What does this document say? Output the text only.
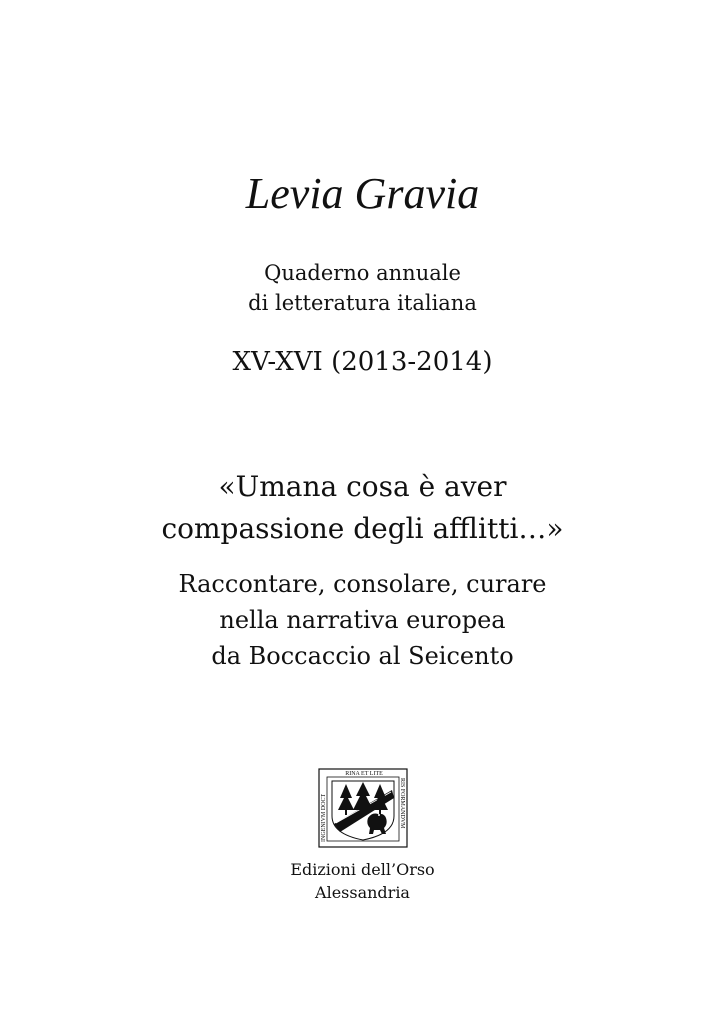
Levia Gravia
Quaderno annuale
di letteratura italiana
XV-XVI (2013-2014)
«Umana cosa è aver
compassione degli afflitti…»
Raccontare, consolare, curare
nella narrativa europea
da Boccaccio al Seicento
RINA ET LITE
INGENIVM DOCT	RIS FORMANDVM
Edizioni dell’Orso
Alessandria
